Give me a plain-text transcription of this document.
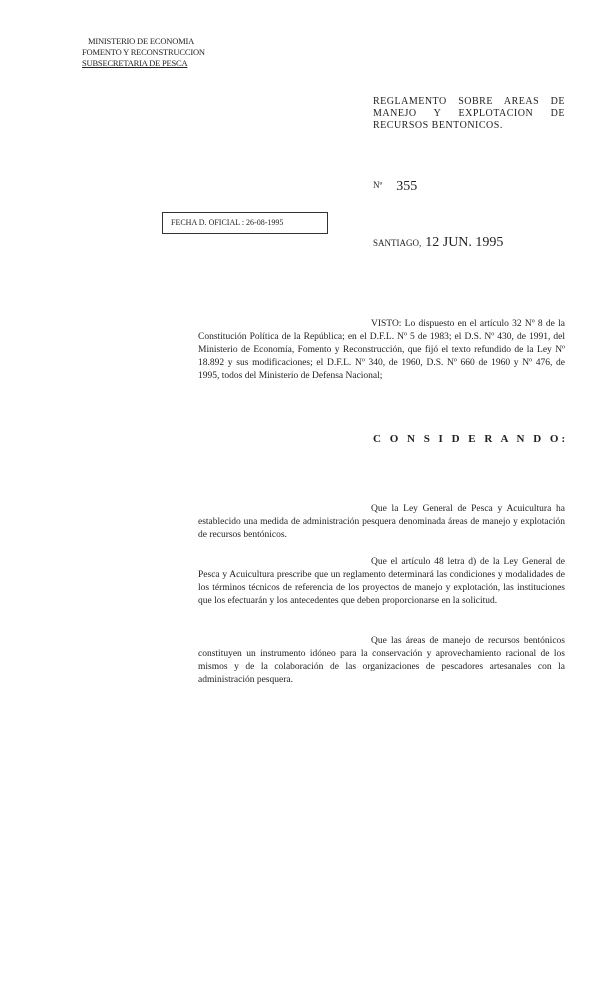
MINISTERIO DE ECONOMIA
FOMENTO Y RECONSTRUCCION
SUBSECRETARIA DE PESCA
REGLAMENTO SOBRE AREAS DE MANEJO Y EXPLOTACION DE RECURSOS BENTONICOS.
Nº 355
FECHA D. OFICIAL : 26-08-1995
SANTIAGO, 12 JUN. 1995
VISTO: Lo dispuesto en el artículo 32 Nº 8 de la Constitución Política de la República; en el D.F.L. Nº 5 de 1983; el D.S. Nº 430, de 1991, del Ministerio de Economía, Fomento y Reconstrucción, que fijó el texto refundido de la Ley Nº 18.892 y sus modificaciones; el D.F.L. Nº 340, de 1960, D.S. Nº 660 de 1960 y Nº 476, de 1995, todos del Ministerio de Defensa Nacional;
C O N S I D E R A N D O:
Que la Ley General de Pesca y Acuicultura ha establecido una medida de administración pesquera denominada áreas de manejo y explotación de recursos bentónicos.
Que el artículo 48 letra d) de la Ley General de Pesca y Acuicultura prescribe que un reglamento determinará las condiciones y modalidades de los términos técnicos de referencia de los proyectos de manejo y explotación, las instituciones que los efectuarán y los antecedentes que deben proporcionarse en la solicitud.
Que las áreas de manejo de recursos bentónicos constituyen un instrumento idóneo para la conservación y aprovechamiento racional de los mismos y de la colaboración de las organizaciones de pescadores artesanales con la administración pesquera.
